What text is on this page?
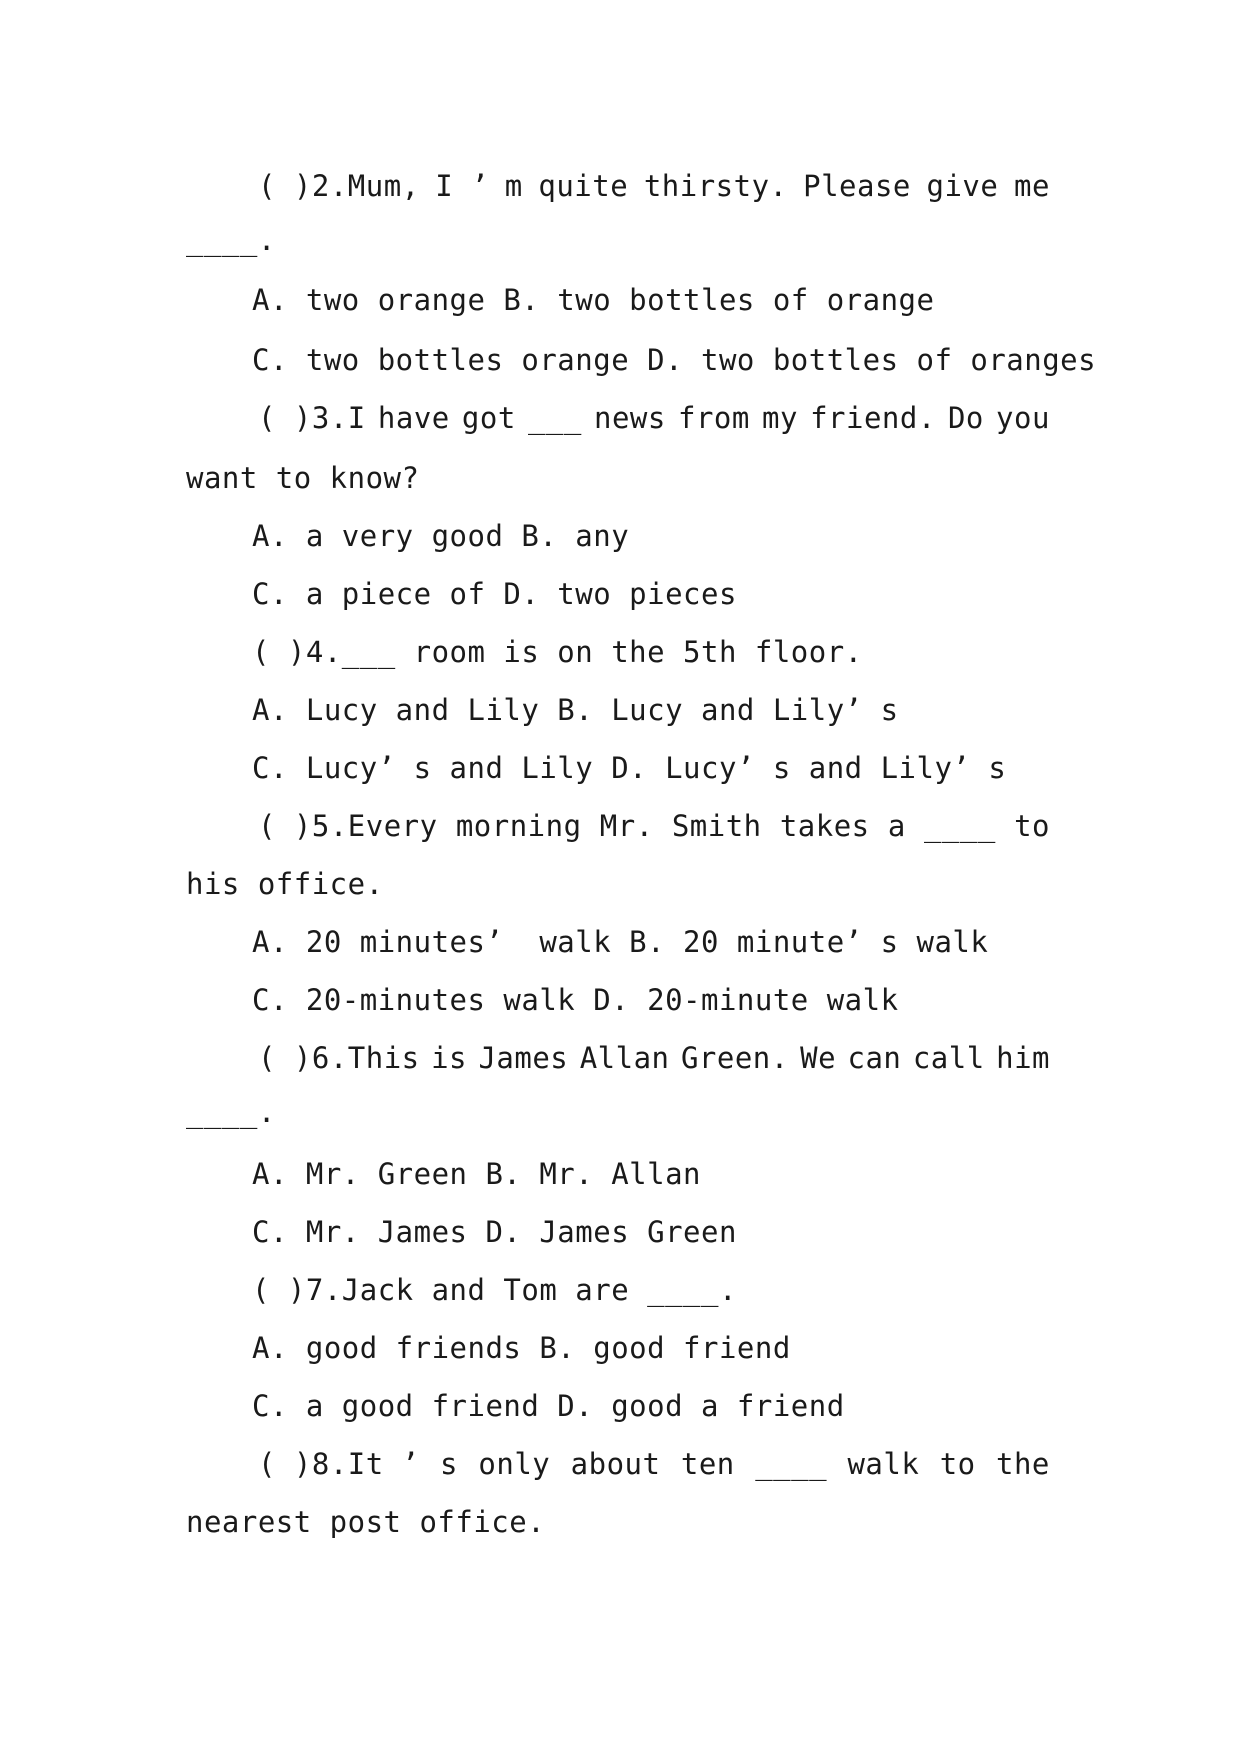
( )2.Mum, I ’ m quite thirsty. Please give me
____.
A. two orange B. two bottles of orange
C. two bottles orange D. two bottles of oranges
( )3.I have got ___ news from my friend. Do you
want to know?
A. a very good B. any
C. a piece of D. two pieces
( )4.___ room is on the 5th floor.
A. Lucy and Lily B. Lucy and Lily’ s
C. Lucy’ s and Lily D. Lucy’ s and Lily’ s
( )5.Every morning Mr. Smith takes a ____ to
his office.
A. 20 minutes’  walk B. 20 minute’ s walk
C. 20-minutes walk D. 20-minute walk
( )6.This is James Allan Green. We can call him
____.
A. Mr. Green B. Mr. Allan
C. Mr. James D. James Green
( )7.Jack and Tom are ____.
A. good friends B. good friend
C. a good friend D. good a friend
( )8.It ’ s only about ten ____ walk to the
nearest post office.
